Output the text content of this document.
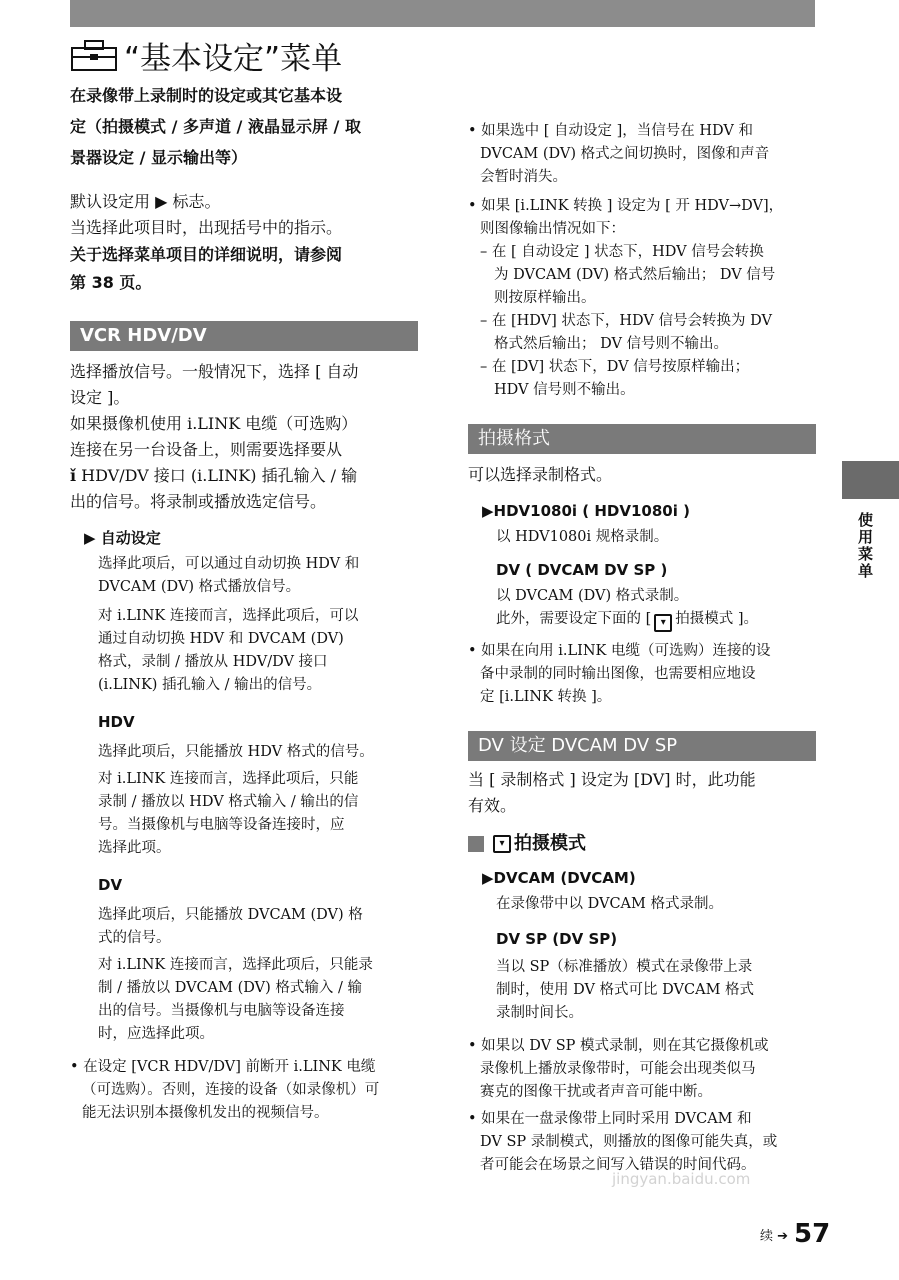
“基本设定”菜单

在录像带上录制时的设定或其它基本设
定（拍摄模式 / 多声道 / 液晶显示屏 / 取
景器设定 / 显示输出等）

默认设定用 ▶ 标志。

当选择此项目时，出现括号中的指示。

关于选择菜单项目的详细说明，请参阅
第 38 页。

VCR HDV/DV

选择播放信号。一般情况下，选择 [ 自动
设定 ]。
如果摄像机使用 i.LINK 电缆（可选购）
连接在另一台设备上，则需要选择要从
ǐ HDV/DV 接口 (i.LINK) 插孔输入 / 输
出的信号。将录制或播放选定信号。

▶ 自动设定

选择此项后，可以通过自动切换 HDV 和
DVCAM (DV) 格式播放信号。

对 i.LINK 连接而言，选择此项后，可以
通过自动切换 HDV 和 DVCAM (DV)
格式，录制 / 播放从 HDV/DV 接口
(i.LINK) 插孔输入 / 输出的信号。

HDV

选择此项后，只能播放 HDV 格式的信号。

对 i.LINK 连接而言，选择此项后，只能
录制 / 播放以 HDV 格式输入 / 输出的信
号。当摄像机与电脑等设备连接时，应
选择此项。

DV

选择此项后，只能播放 DVCAM (DV) 格
式的信号。

对 i.LINK 连接而言，选择此项后，只能录
制 / 播放以 DVCAM (DV) 格式输入 / 输
出的信号。当摄像机与电脑等设备连接
时，应选择此项。

• 在设定 [VCR HDV/DV] 前断开 i.LINK 电缆
（可选购）。否则，连接的设备（如录像机）可
能无法识别本摄像机发出的视频信号。

• 如果选中 [ 自动设定 ]，当信号在 HDV 和
DVCAM (DV) 格式之间切换时，图像和声音
会暂时消失。

• 如果 [i.LINK 转换 ] 设定为 [ 开 HDV→DV]，
则图像输出情况如下：

– 在 [ 自动设定 ] 状态下，HDV 信号会转换
为 DVCAM (DV) 格式然后输出； DV 信号
则按原样输出。

– 在 [HDV] 状态下，HDV 信号会转换为 DV
格式然后输出； DV 信号则不输出。

– 在 [DV] 状态下，DV 信号按原样输出；
HDV 信号则不输出。

拍摄格式

可以选择录制格式。

▶HDV1080i ( HDV1080i )

以 HDV1080i 规格录制。

DV ( DVCAM DV SP )

以 DVCAM (DV) 格式录制。

此外，需要设定下面的 [ ▾ 拍摄模式 ]。

• 如果在向用 i.LINK 电缆（可选购）连接的设
备中录制的同时输出图像，也需要相应地设
定 [i.LINK 转换 ]。

DV 设定 DVCAM DV SP

当 [ 录制格式 ] 设定为 [DV] 时，此功能
有效。

▾ 拍摄模式
▶DVCAM (DVCAM)

在录像带中以 DVCAM 格式录制。

DV SP (DV SP)

当以 SP（标准播放）模式在录像带上录
制时，使用 DV 格式可比 DVCAM 格式
录制时间长。

• 如果以 DV SP 模式录制，则在其它摄像机或
录像机上播放录像带时，可能会出现类似马
赛克的图像干扰或者声音可能中断。

• 如果在一盘录像带上同时采用 DVCAM 和
DV SP 录制模式，则播放的图像可能失真，或
者可能会在场景之间写入错误的时间代码。

使用菜单
jingyan.baidu.com
续 ➔ 57
